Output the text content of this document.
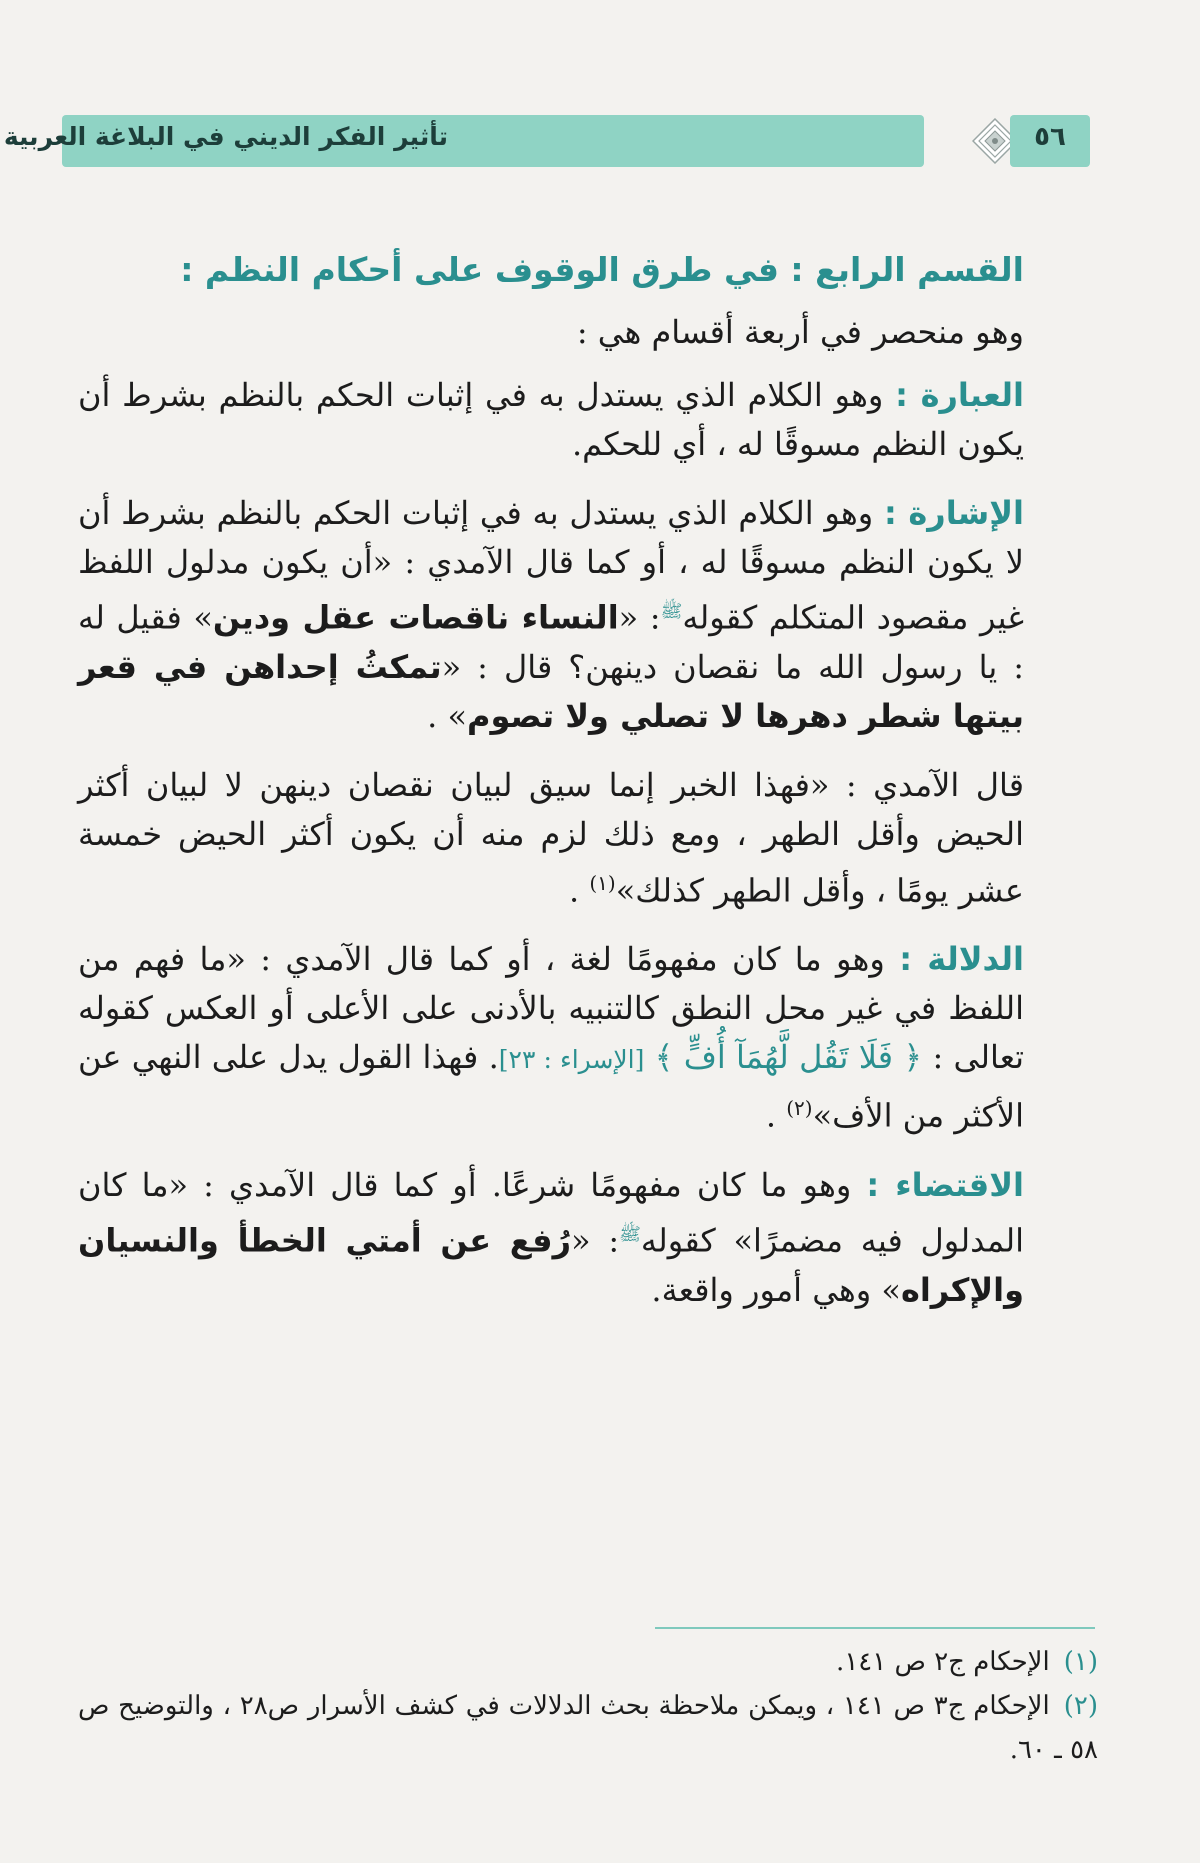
تأثير الفكر الديني في البلاغة العربية	٥٦
القسم الرابع : في طرق الوقوف على أحكام النظم :

وهو منحصر في أربعة أقسام هي :

العبارة : وهو الكلام الذي يستدل به في إثبات الحكم بالنظم بشرط أن يكون النظم مسوقًا له ، أي للحكم.

الإشارة : وهو الكلام الذي يستدل به في إثبات الحكم بالنظم بشرط أن لا يكون النظم مسوقًا له ، أو كما قال الآمدي : «أن يكون مدلول اللفظ غير مقصود المتكلم كقوله$^ﷺ$: «النساء ناقصات عقل ودين» فقيل له : يا رسول الله ما نقصان دينهن؟ قال : «تمكثُ إحداهن في قعر بيتها شطر دهرها لا تصلي ولا تصوم» .

قال الآمدي : «فهذا الخبر إنما سيق لبيان نقصان دينهن لا لبيان أكثر الحيض وأقل الطهر ، ومع ذلك لزم منه أن يكون أكثر الحيض خمسة عشر يومًا ، وأقل الطهر كذلك»$^{(١)}$ .

الدلالة : وهو ما كان مفهومًا لغة ، أو كما قال الآمدي : «ما فهم من اللفظ في غير محل النطق كالتنبيه بالأدنى على الأعلى أو العكس كقوله تعالى : ﴿ فَلَا تَقُل لَّهُمَآ أُفٍّ ﴾ [الإسراء : ٢٣]. فهذا القول يدل على النهي عن الأكثر من الأف»$^{(٢)}$ .

الاقتضاء : وهو ما كان مفهومًا شرعًا. أو كما قال الآمدي : «ما كان المدلول فيه مضمرًا» كقوله$^ﷺ$: «رُفع عن أمتي الخطأ والنسيان والإكراه» وهي أمور واقعة.

(١)الإحكام ج٢ ص ١٤١.

(٢)الإحكام ج٣ ص ١٤١ ، ويمكن ملاحظة بحث الدلالات في كشف الأسرار ص٢٨ ، والتوضيح ص ٥٨ ـ ٦٠.
